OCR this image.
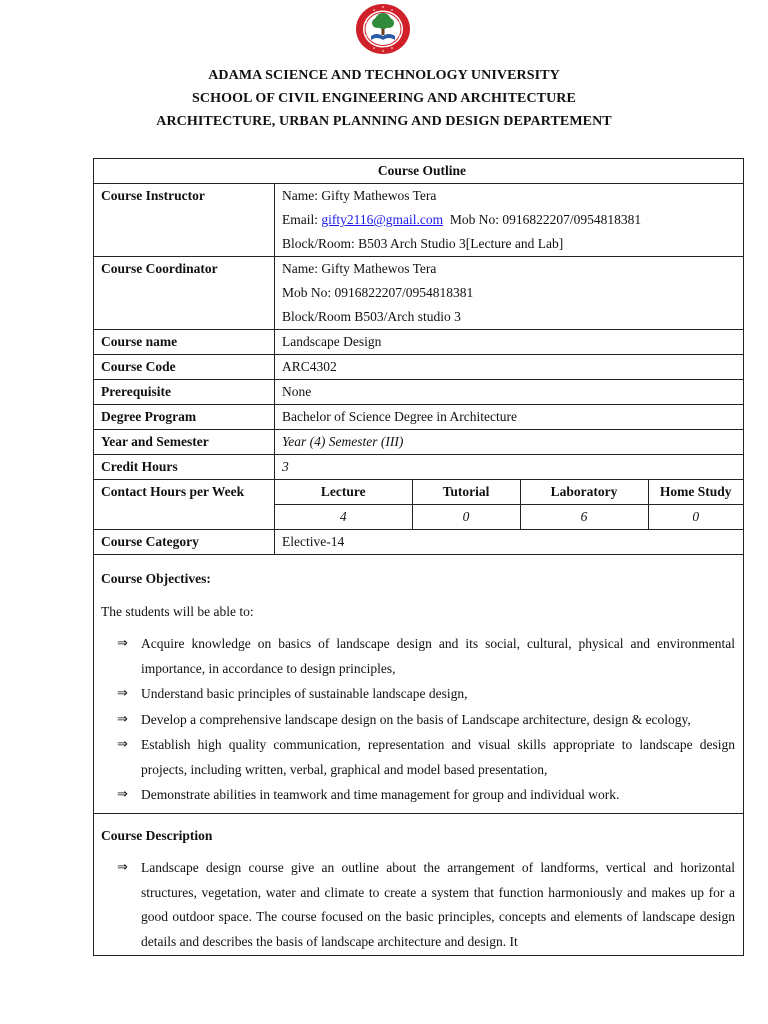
ADAMA SCIENCE AND TECHNOLOGY UNIVERSITY
SCHOOL OF CIVIL ENGINEERING AND ARCHITECTURE
ARCHITECTURE, URBAN PLANNING AND DESIGN DEPARTEMENT
Course Outline
Course Instructor	Name: Gifty Mathewos Tera
Email: gifty2116@gmail.com Mob No: 0916822207/0954818381
Block/Room: B503 Arch Studio 3[Lecture and Lab]

Course Coordinator	Name: Gifty Mathewos Tera
Mob No: 0916822207/0954818381
Block/Room B503/Arch studio 3

Course name	Landscape Design
Course Code	ARC4302
Prerequisite	None
Degree Program	Bachelor of Science Degree in Architecture
Year and Semester	Year (4) Semester (III)
Credit Hours	3
Contact Hours per Week		Lecture	Tutorial	Laboratory	Home Study
4	0	6	0

Course Category	Elective-14

Course Objectives:

The students will be able to:

⇒ Acquire knowledge on basics of landscape design and its social, cultural, physical and environmental importance, in accordance to design principles,
⇒ Understand basic principles of sustainable landscape design,
⇒ Develop a comprehensive landscape design on the basis of Landscape architecture, design & ecology,
⇒ Establish high quality communication, representation and visual skills appropriate to landscape design projects, including written, verbal, graphical and model based presentation,
⇒ Demonstrate abilities in teamwork and time management for group and individual work.

Course Description
⇒ Landscape design course give an outline about the arrangement of landforms, vertical and horizontal structures, vegetation, water and climate to create a system that function harmoniously and makes up for a good outdoor space. The course focused on the basic principles, concepts and elements of landscape design details and describes the basis of landscape architecture and design. It
